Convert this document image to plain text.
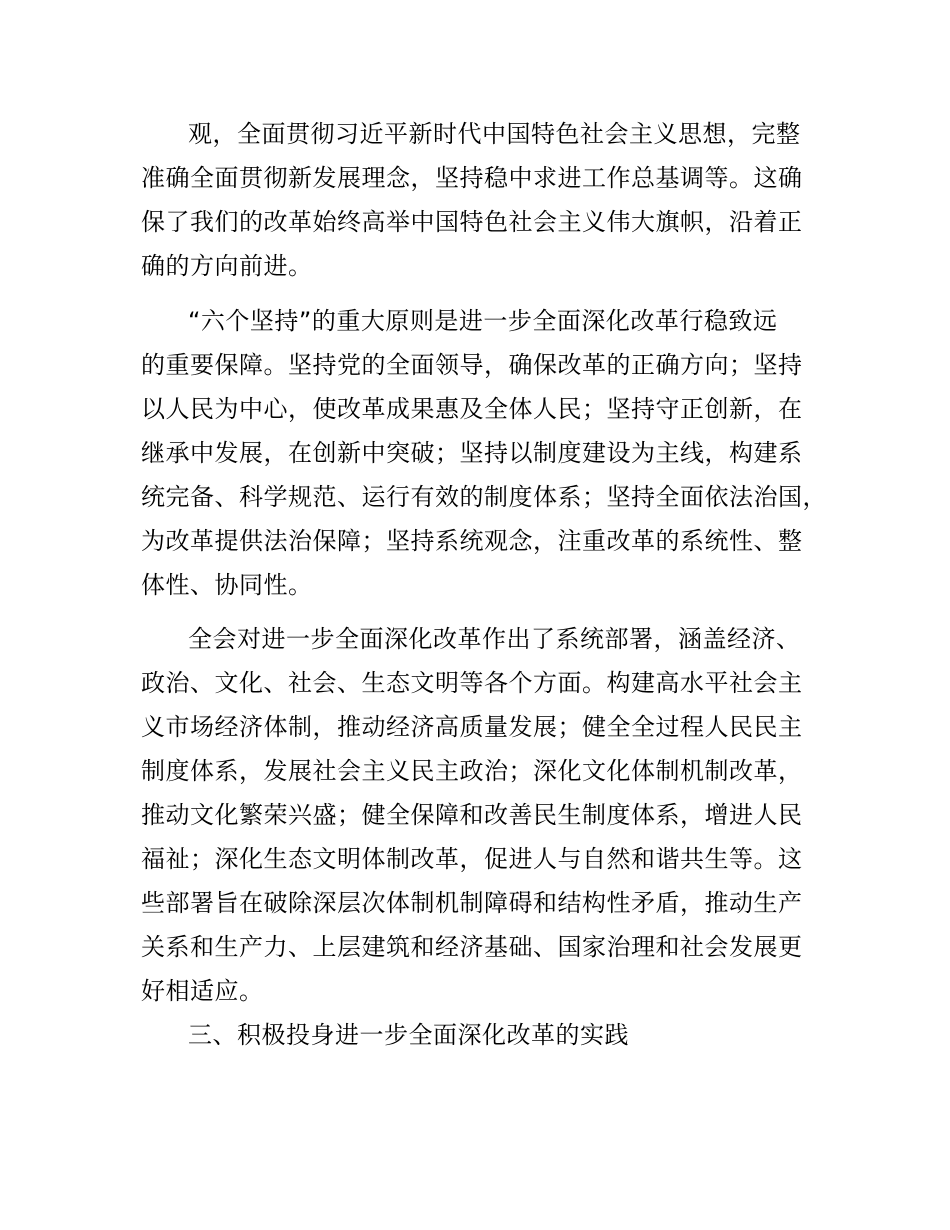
观，全面贯彻习近平新时代中国特色社会主义思想，完整

准确全面贯彻新发展理念，坚持稳中求进工作总基调等。这确

保了我们的改革始终高举中国特色社会主义伟大旗帜，沿着正

确的方向前进。

“六个坚持”的重大原则是进一步全面深化改革行稳致远

的重要保障。坚持党的全面领导，确保改革的正确方向；坚持

以人民为中心，使改革成果惠及全体人民；坚持守正创新，在

继承中发展，在创新中突破；坚持以制度建设为主线，构建系

统完备、科学规范、运行有效的制度体系；坚持全面依法治国，

为改革提供法治保障；坚持系统观念，注重改革的系统性、整

体性、协同性。

全会对进一步全面深化改革作出了系统部署，涵盖经济、

政治、文化、社会、生态文明等各个方面。构建高水平社会主

义市场经济体制，推动经济高质量发展；健全全过程人民民主

制度体系，发展社会主义民主政治；深化文化体制机制改革，

推动文化繁荣兴盛；健全保障和改善民生制度体系，增进人民

福祉；深化生态文明体制改革，促进人与自然和谐共生等。这

些部署旨在破除深层次体制机制障碍和结构性矛盾，推动生产

关系和生产力、上层建筑和经济基础、国家治理和社会发展更

好相适应。

三、积极投身进一步全面深化改革的实践
